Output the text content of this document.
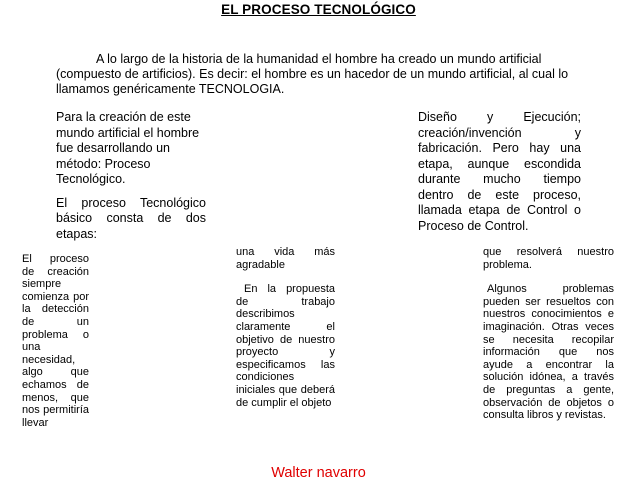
EL PROCESO TECNOLÓGICO
A lo largo de la historia de la humanidad el hombre ha creado un mundo artificial (compuesto de artificios). Es decir: el hombre es un hacedor de un mundo artificial, al cual lo llamamos genéricamente TECNOLOGIA.

Para la creación de este mundo artificial el hombre fue desarrollando un método: Proceso Tecnológico.

El proceso Tecnológico básico consta de dos etapas:

Diseño y Ejecución; creación/invención y fabricación. Pero hay una etapa, aunque escondida durante mucho tiempo dentro de este proceso, llamada etapa de Control o Proceso de Control.

El proceso de creación siempre comienza por la detección de un problema o una necesidad, algo que echamos de menos, que nos permitiría llevar

una vida más agradable

En la propuesta de trabajo describimos claramente el objetivo de nuestro proyecto y especificamos las condiciones iniciales que deberá de cumplir el objeto

que resolverá nuestro problema.

Algunos problemas pueden ser resueltos con nuestros conocimientos e imaginación. Otras veces se necesita recopilar información que nos ayude a encontrar la solución idónea, a través de preguntas a gente, observación de objetos o consulta libros y revistas.

Walter navarro
